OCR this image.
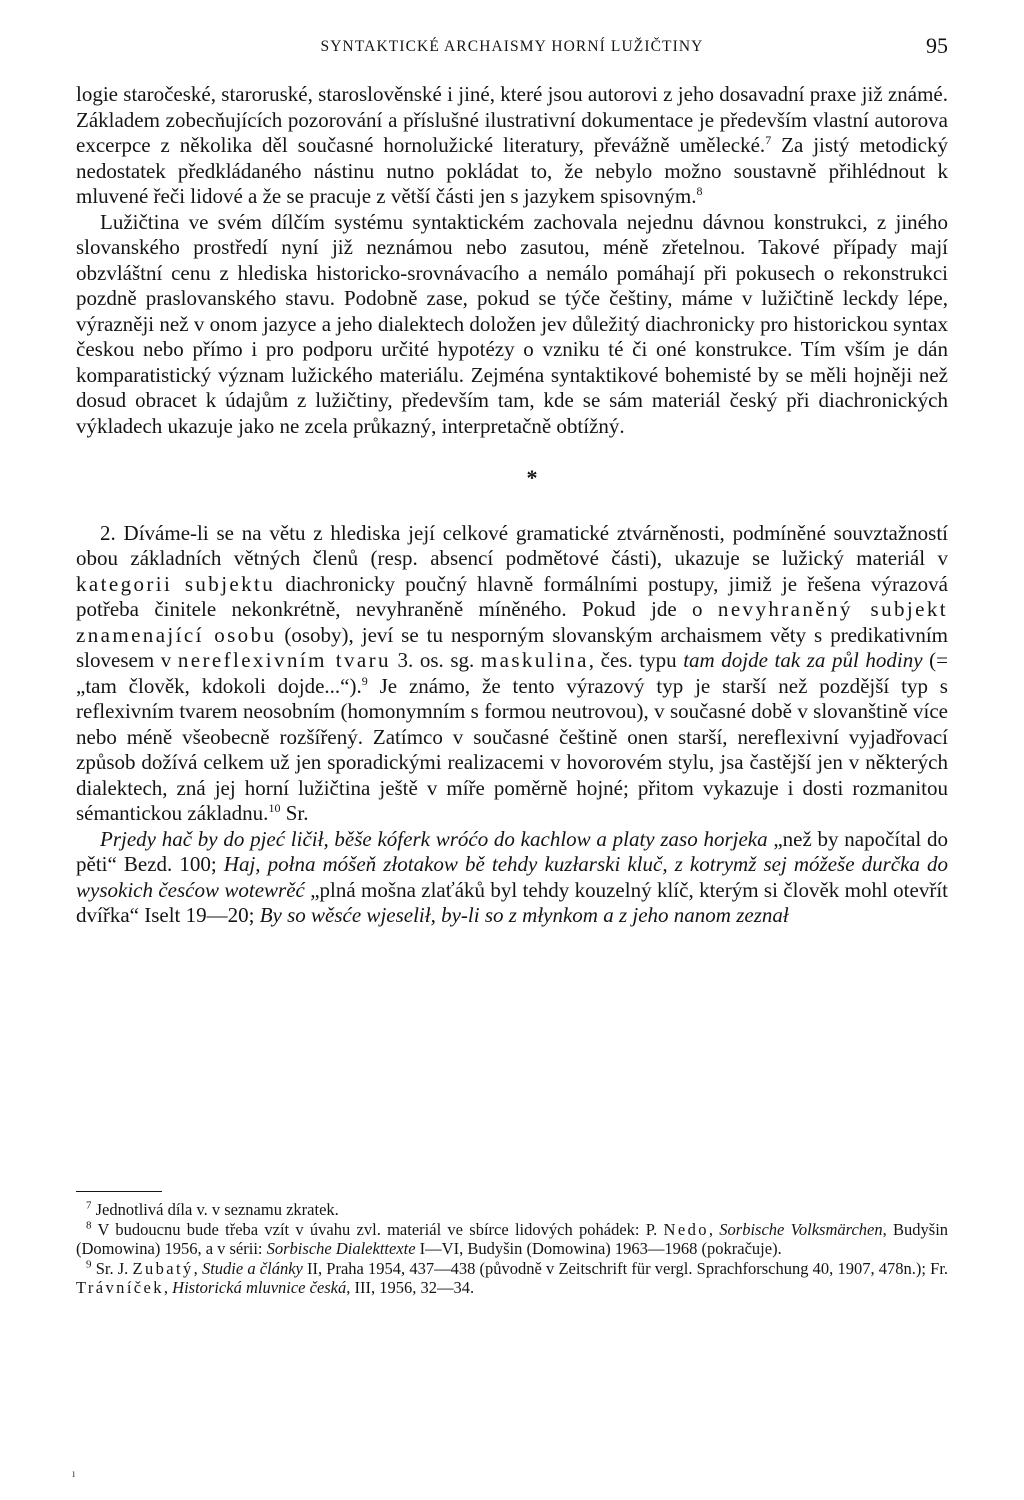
SYNTAKTICKÉ ARCHAISMY HORNÍ LUŽIČTINY	95

logie staročeské, staroruské, staroslověnské i jiné, které jsou autorovi z jeho dosavadní praxe již známé. Základem zobecňujících pozorování a příslušné ilustrativní dokumentace je především vlastní autorova excerpce z několika děl současné hornolužické literatury, převážně umělecké.$^7$ Za jistý metodický nedostatek předkládaného nástinu nutno pokládat to, že nebylo možno soustavně přihlédnout k mluvené řeči lidové a že se pracuje z větší části jen s jazykem spisovným.$^8$

Lužičtina ve svém dílčím systému syntaktickém zachovala nejednu dávnou konstrukci, z jiného slovanského prostředí nyní již neznámou nebo zasutou, méně zřetelnou. Takové případy mají obzvláštní cenu z hlediska historicko-srovnávacího a nemálo pomáhají při pokusech o rekonstrukci pozdně praslovanského stavu. Podobně zase, pokud se týče češtiny, máme v lužičtině leckdy lépe, výrazněji než v onom jazyce a jeho dialektech doložen jev důležitý diachronicky pro historickou syntax českou nebo přímo i pro podporu určité hypotézy o vzniku té či oné konstrukce. Tím vším je dán komparatistický význam lužického materiálu. Zejména syntaktikové bohemisté by se měli hojněji než dosud obracet k údajům z lužičtiny, především tam, kde se sám materiál český při diachronických výkladech ukazuje jako ne zcela průkazný, interpretačně obtížný.

*

2. Díváme-li se na větu z hlediska její celkové gramatické ztvárněnosti, podmíněné souvztažností obou základních větných členů (resp. absencí podmětové části), ukazuje se lužický materiál v kategorii subjektu diachronicky poučný hlavně formálními postupy, jimiž je řešena výrazová potřeba činitele nekonkrétně, nevyhraněně míněného. Pokud jde o nevyhraněný subjekt znamenající osobu (osoby), jeví se tu nesporným slovanským archaismem věty s predikativním slovesem v nereflexivním tvaru 3. os. sg. maskulina, čes. typu tam dojde tak za půl hodiny (= „tam člověk, kdokoli dojde...“).$^9$ Je známo, že tento výrazový typ je starší než pozdější typ s reflexivním tvarem neosobním (homonymním s formou neutrovou), v současné době v slovanštině více nebo méně všeobecně rozšířený. Zatímco v současné češtině onen starší, nereflexivní vyjadřovací způsob dožívá celkem už jen sporadickými realizacemi v hovorovém stylu, jsa častější jen v některých dialektech, zná jej horní lužičtina ještě v míře poměrně hojné; přitom vykazuje i dosti rozmanitou sémantickou základnu.$^{10}$ Sr.

Prjedy hač by do pjeć ličił, běše kóferk wróćo do kachlow a platy zaso horjeka „než by napočítal do pěti“ Bezd. 100; Haj, połna móšeň złotakow bě tehdy kuzłarski kluč, z kotrymž sej móžeše durčka do wysokich česćow wotewrěć „plná mošna zlaťáků byl tehdy kouzelný klíč, kterým si člověk mohl otevřít dvířka“ Iselt 19—20; By so wěsće wjeselił, by-li so z młynkom a z jeho nanom zeznał

$^7$ Jednotlivá díla v. v seznamu zkratek.

$^8$ V budoucnu bude třeba vzít v úvahu zvl. materiál ve sbírce lidových pohádek: P. Nedo, Sorbische Volksmärchen, Budyšin (Domowina) 1956, a v sérii: Sorbische Dialekttexte I—VI, Budyšin (Domowina) 1963—1968 (pokračuje).

$^9$ Sr. J. Zubatý, Studie a články II, Praha 1954, 437—438 (původně v Zeitschrift für vergl. Sprachforschung 40, 1907, 478n.); Fr. Trávníček, Historická mluvnice česká, III, 1956, 32—34.

ı
